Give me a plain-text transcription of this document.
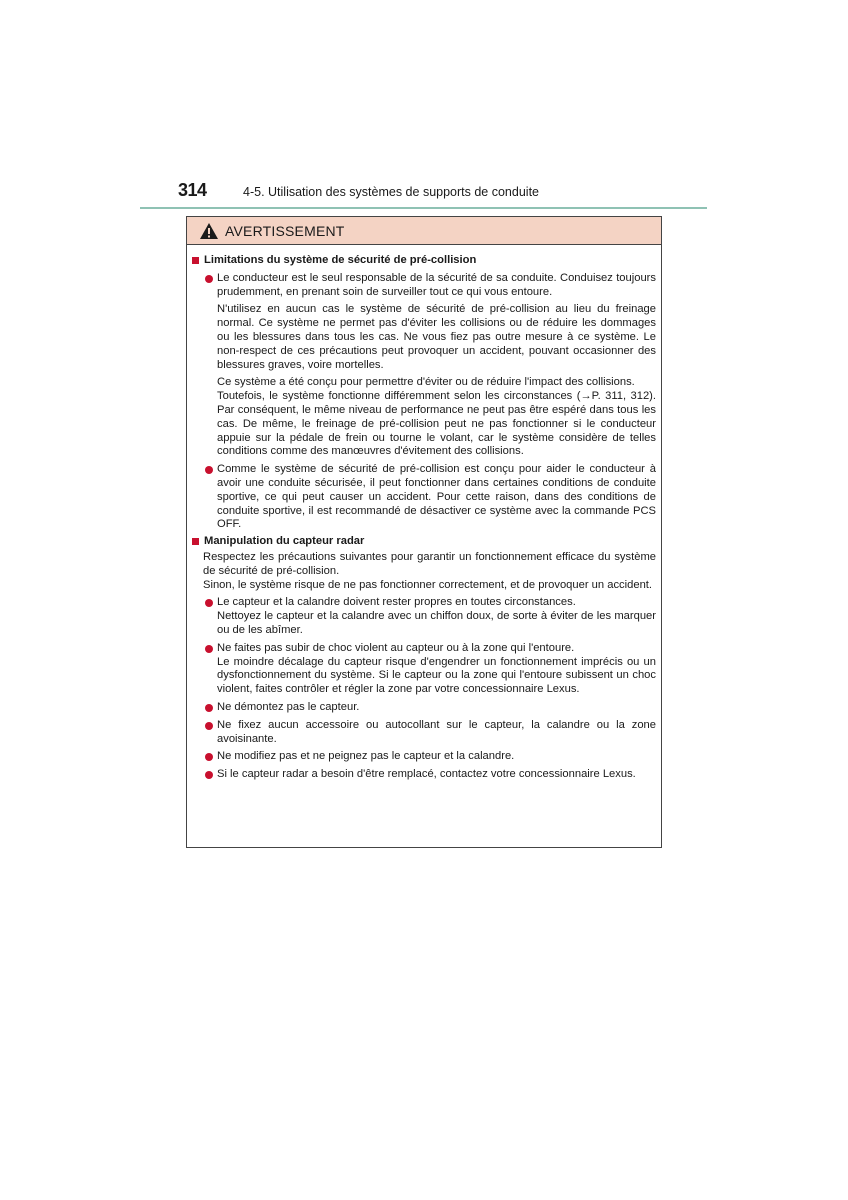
314	4-5. Utilisation des systèmes de supports de conduite
AVERTISSEMENT
Limitations du système de sécurité de pré-collision
Le conducteur est le seul responsable de la sécurité de sa conduite. Conduisez toujours prudemment, en prenant soin de surveiller tout ce qui vous entoure.
N'utilisez en aucun cas le système de sécurité de pré-collision au lieu du freinage normal. Ce système ne permet pas d'éviter les collisions ou de réduire les dommages ou les blessures dans tous les cas. Ne vous fiez pas outre mesure à ce système. Le non-respect de ces précautions peut provoquer un accident, pouvant occasionner des blessures graves, voire mortelles.
Ce système a été conçu pour permettre d'éviter ou de réduire l'impact des collisions.
Toutefois, le système fonctionne différemment selon les circonstances (→P. 311, 312). Par conséquent, le même niveau de performance ne peut pas être espéré dans tous les cas. De même, le freinage de pré-collision peut ne pas fonctionner si le conducteur appuie sur la pédale de frein ou tourne le volant, car le système considère de telles conditions comme des manœuvres d'évitement des collisions.
Comme le système de sécurité de pré-collision est conçu pour aider le conducteur à avoir une conduite sécurisée, il peut fonctionner dans certaines conditions de conduite sportive, ce qui peut causer un accident. Pour cette raison, dans des conditions de conduite sportive, il est recommandé de désactiver ce système avec la commande PCS OFF.
Manipulation du capteur radar
Respectez les précautions suivantes pour garantir un fonctionnement efficace du système de sécurité de pré-collision.
Sinon, le système risque de ne pas fonctionner correctement, et de provoquer un accident.
Le capteur et la calandre doivent rester propres en toutes circonstances.
Nettoyez le capteur et la calandre avec un chiffon doux, de sorte à éviter de les marquer ou de les abîmer.
Ne faites pas subir de choc violent au capteur ou à la zone qui l'entoure.
Le moindre décalage du capteur risque d'engendrer un fonctionnement imprécis ou un dysfonctionnement du système. Si le capteur ou la zone qui l'entoure subissent un choc violent, faites contrôler et régler la zone par votre concessionnaire Lexus.
Ne démontez pas le capteur.
Ne fixez aucun accessoire ou autocollant sur le capteur, la calandre ou la zone avoisinante.
Ne modifiez pas et ne peignez pas le capteur et la calandre.
Si le capteur radar a besoin d'être remplacé, contactez votre concessionnaire Lexus.
